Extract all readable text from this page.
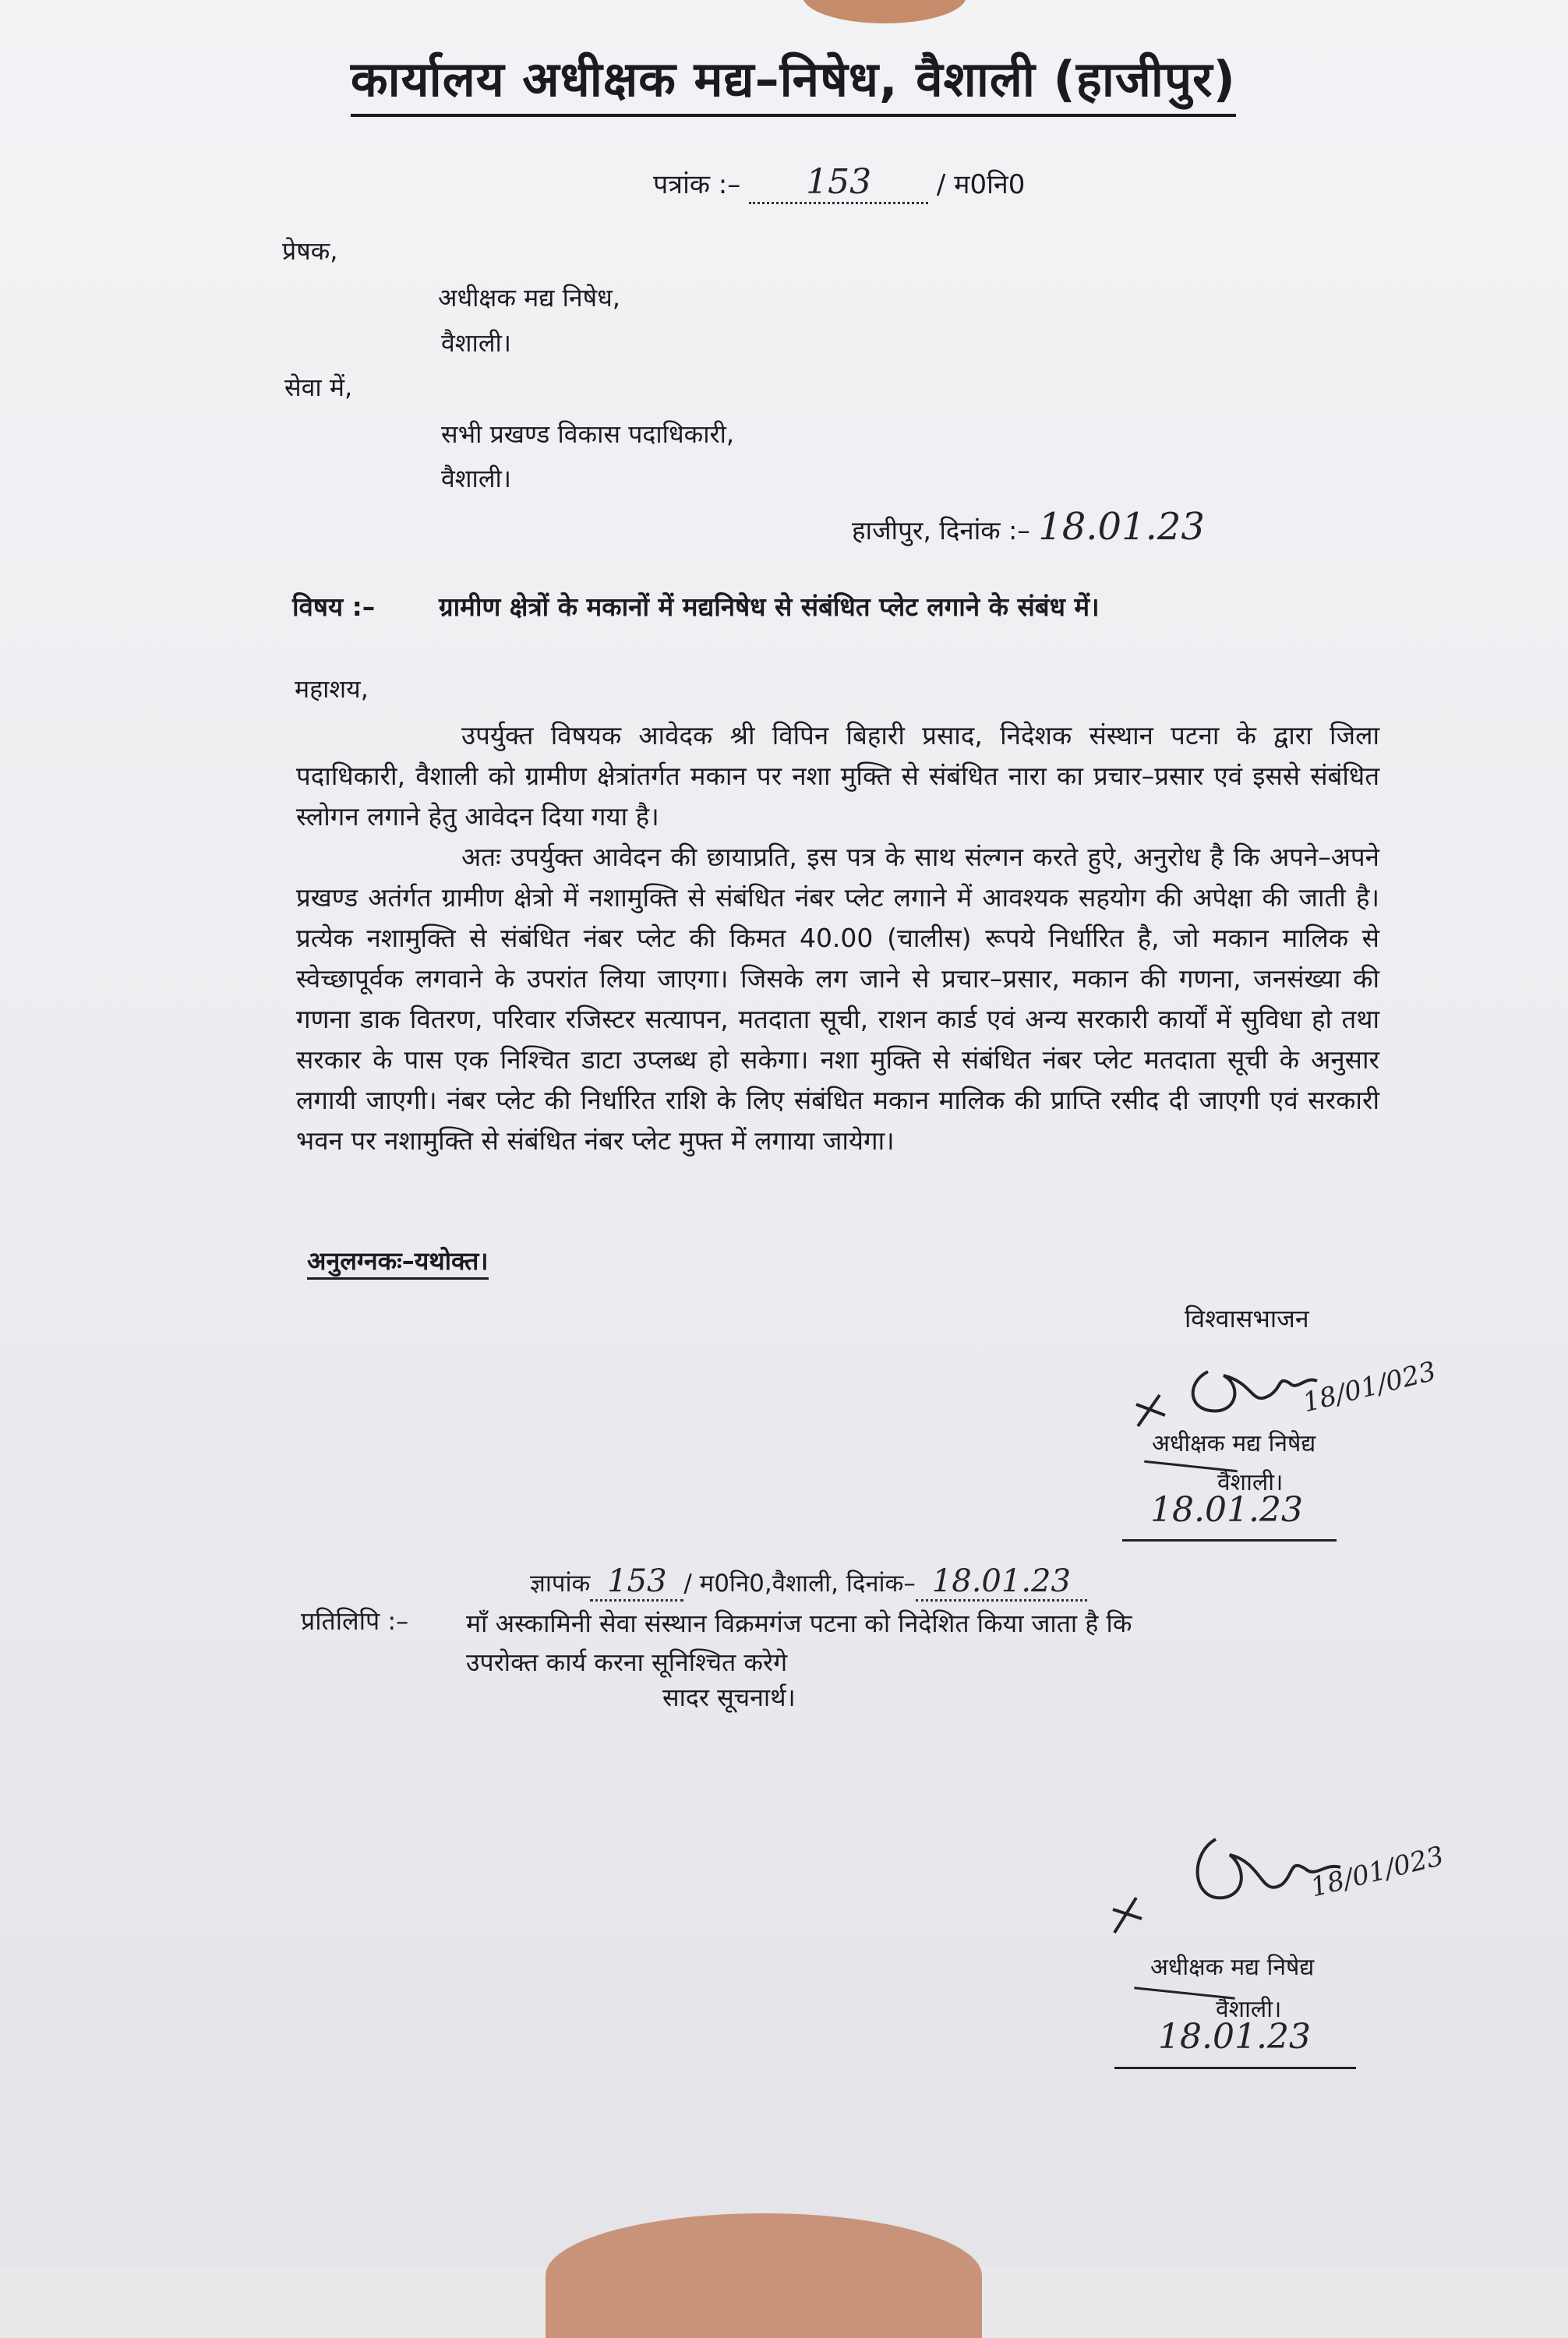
कार्यालय अधीक्षक मद्य–निषेध, वैशाली (हाजीपुर)
पत्रांक :– 153 / म0नि0
प्रेषक,
अधीक्षक मद्य निषेध,
वैशाली।
सेवा में,
सभी प्रखण्ड विकास पदाधिकारी,
वैशाली।
हाजीपुर, दिनांक :– 18.01.23
विषय :– ग्रामीण क्षेत्रों के मकानों में मद्यनिषेध से संबंधित प्लेट लगाने के संबंध में।
महाशय,

उपर्युक्त विषयक आवेदक श्री विपिन बिहारी प्रसाद, निदेशक संस्थान पटना के द्वारा जिला पदाधिकारी, वैशाली को ग्रामीण क्षेत्रांतर्गत मकान पर नशा मुक्ति से संबंधित नारा का प्रचार–प्रसार एवं इससे संबंधित स्लोगन लगाने हेतु आवेदन दिया गया है।

अतः उपर्युक्त आवेदन की छायाप्रति, इस पत्र के साथ संल्गन करते हुऐ, अनुरोध है कि अपने–अपने प्रखण्ड अतंर्गत ग्रामीण क्षेत्रो में नशामुक्ति से संबंधित नंबर प्लेट लगाने में आवश्यक सहयोग की अपेक्षा की जाती है। प्रत्येक नशामुक्ति से संबंधित नंबर प्लेट की किमत 40.00 (चालीस) रूपये निर्धारित है, जो मकान मालिक से स्वेच्छापूर्वक लगवाने के उपरांत लिया जाएगा। जिसके लग जाने से प्रचार–प्रसार, मकान की गणना, जनसंख्या की गणना डाक वितरण, परिवार रजिस्टर सत्यापन, मतदाता सूची, राशन कार्ड एवं अन्य सरकारी कार्यों में सुविधा हो तथा सरकार के पास एक निश्चित डाटा उप्लब्ध हो सकेगा। नशा मुक्ति से संबंधित नंबर प्लेट मतदाता सूची के अनुसार लगायी जाएगी। नंबर प्लेट की निर्धारित राशि के लिए संबंधित मकान मालिक की प्राप्ति रसीद दी जाएगी एवं सरकारी भवन पर नशामुक्ति से संबंधित नंबर प्लेट मुफ्त में लगाया जायेगा।

अनुलग्नकः–यथोक्त।
विश्वासभाजन
18/01/023
अधीक्षक मद्य निषेद्य
वैशाली।
18.01.23
ज्ञापांक 153 / म0नि0,वैशाली, दिनांक– 18.01.23
प्रतिलिपि :– माँ अस्कामिनी सेवा संस्थान विक्रमगंज पटना को निदेशित किया जाता है कि
उपरोक्त कार्य करना सूनिश्चित करेगे
सादर सूचनार्थ।
18/01/023
अधीक्षक मद्य निषेद्य
वैशाली।
18.01.23
